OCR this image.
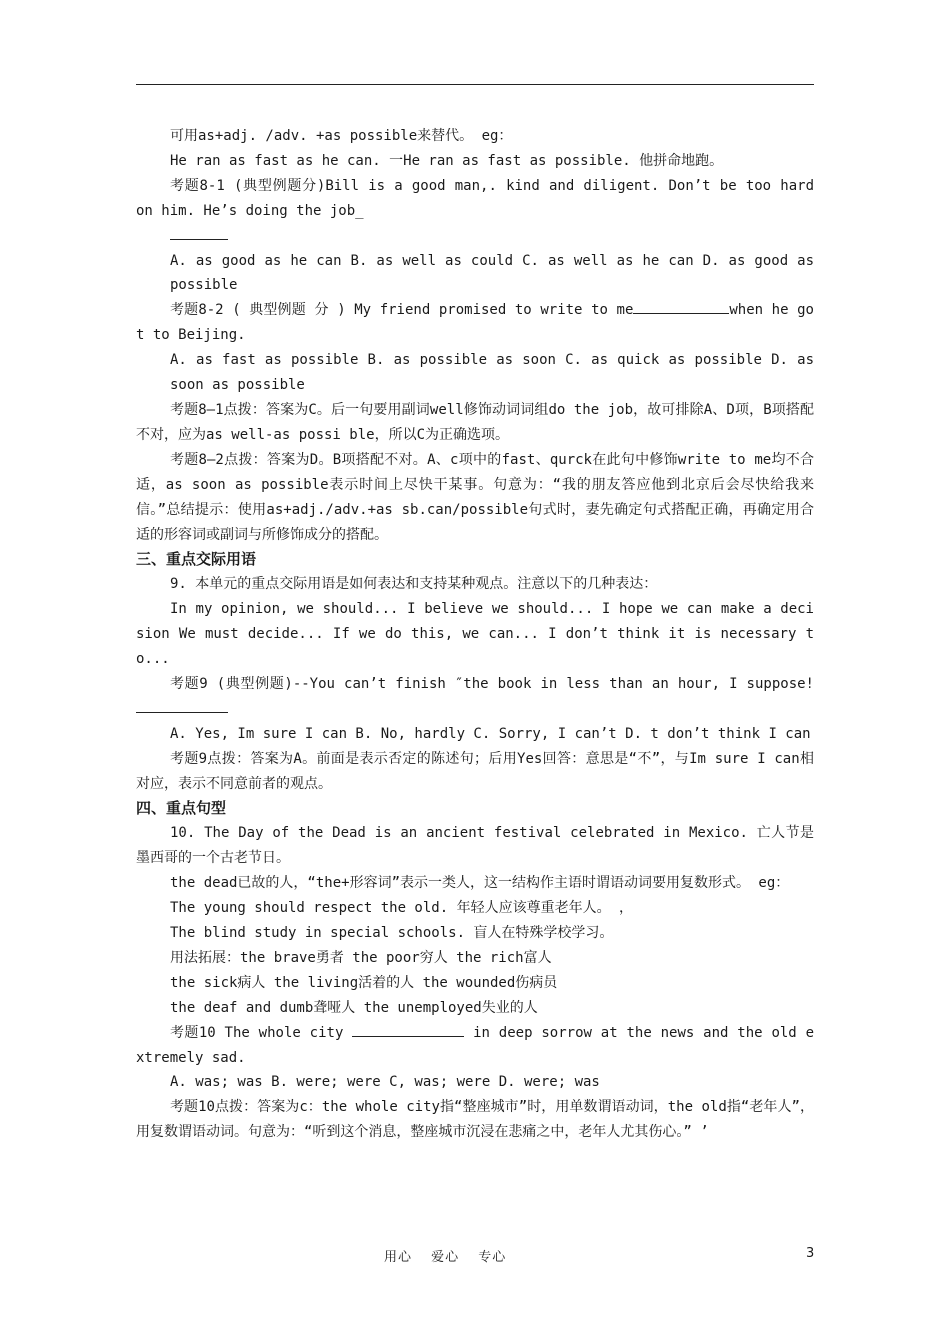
可用as+adj. /adv. +as possible来替代。 eg：

He ran as fast as he can. 一He ran as fast as possible. 他拼命地跑。

考题8-1 (典型例题分)Bill is a good man,. kind and diligent. Don’t be too hard on him. He’s doing the job_

A. as good as he can B. as well as could C. as well as he can D. as good as possible

考题8-2 ( 典型例题 分 ) My friend promised to write to me	when he got to Beijing.

A. as fast as possible B. as possible as soon C. as quick as possible D. as soon as possible

考题8—1点拨：答案为C。后一句要用副词well修饰动词词组do the job，故可排除A、D项，B项搭配不对，应为as well-as possi ble，所以C为正确选项。

考题8—2点拨：答案为D。B项搭配不对。A、c项中的fast、qurck在此句中修饰write to me均不合适，as soon as possible表示时间上尽快干某事。句意为：“我的朋友答应他到北京后会尽快给我来信。”总结提示：使用as+adj./adv.+as sb.can/possible句式时，妻先确定句式搭配正确，再确定用合适的形容词或副词与所修饰成分的搭配。

三、重点交际用语

9. 本单元的重点交际用语是如何表达和支持某种观点。注意以下的几种表达：

In my opinion, we should... I believe we should... I hope we can make a decision We must decide... If we do this, we can... I don’t think it is necessary to...

考题9 (典型例题)--You can’t finish ″the book in less than an hour, I suppose!

A. Yes, Im sure I can B. No, hardly C. Sorry, I can’t D. t don’t think I can

考题9点拨：答案为A。前面是表示否定的陈述句；后用Yes回答：意思是“不”，与Im sure I can相对应，表示不同意前者的观点。

四、重点句型

10. The Day of the Dead is an ancient festival celebrated in Mexico. 亡人节是墨西哥的一个古老节日。

the dead已故的人，“the+形容词”表示一类人，这一结构作主语时谓语动词要用复数形式。 eg：

The young should respect the old. 年轻人应该尊重老年人。 ，

The blind study in special schools. 盲人在特殊学校学习。

用法拓展：the brave勇者 the poor穷人 the rich富人

the sick病人 the living活着的人 the wounded伤病员

the deaf and dumb聋哑人 the unemployed失业的人

考题10 The whole city	in deep sorrow at the news and the old extremely sad.

A. was; was B. were; were C, was; were D. were; was

考题10点拨：答案为c：the whole city指“整座城市”时，用单数谓语动词，the old指“老年人”，用复数谓语动词。句意为：“听到这个消息，整座城市沉浸在悲痛之中，老年人尤其伤心。” ’

用心 爱心 专心	3
